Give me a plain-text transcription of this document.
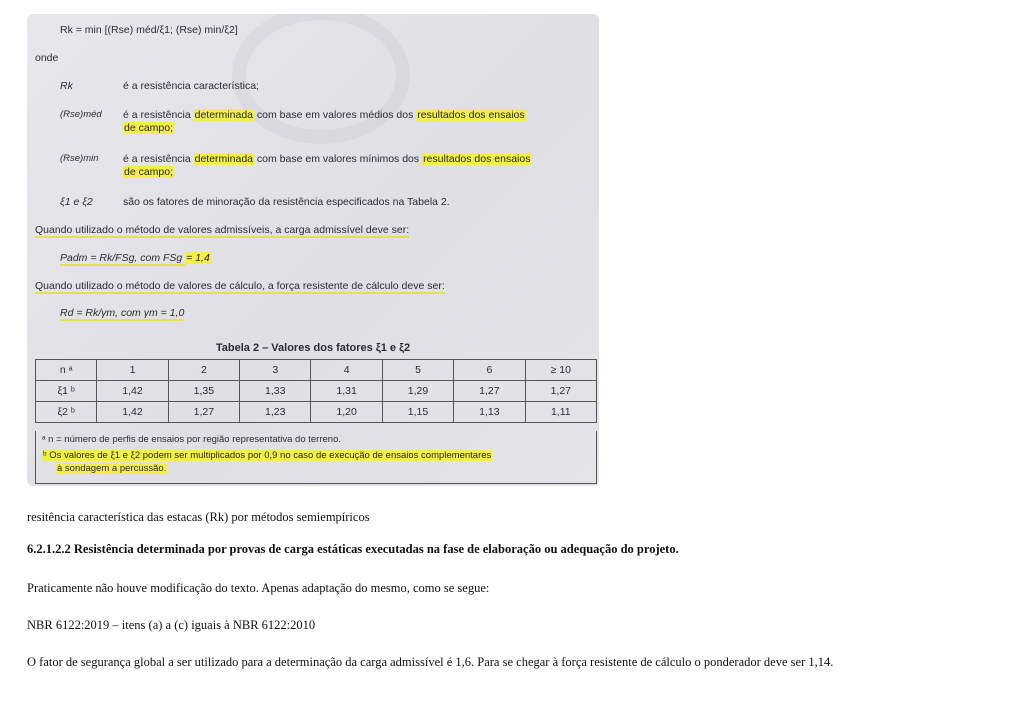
Rk = min [(Rse) méd/ξ1; (Rse) min/ξ2]
onde
Rk	é a resistência característica;
(Rse)méd é a resistência determinada com base em valores médios dos resultados dos ensaios
de campo;
(Rse)min é a resistência determinada com base em valores mínimos dos resultados dos ensaios
de campo;
ξ1 e ξ2	são os fatores de minoração da resistência especificados na Tabela 2.
Quando utilizado o método de valores admissíveis, a carga admissível deve ser:
Padm = Rk/FSg, com FSg = 1,4
Quando utilizado o método de valores de cálculo, a força resistente de cálculo deve ser:
Rd = Rk/γm, com γm = 1,0
Tabela 2 – Valores dos fatores ξ1 e ξ2
n ᵃ	1	2	3	4	5	6	≥ 10
ξ1 ᵇ	1,42	1,35	1,33	1,31	1,29	1,27	1,27
ξ2 ᵇ	1,42	1,27	1,23	1,20	1,15	1,13	1,11
ᵃ n = número de perfis de ensaios por região representativa do terreno.
ᵇ Os valores de ξ1 e ξ2 podem ser multiplicados por 0,9 no caso de execução de ensaios complementares
à sondagem a percussão.
resitência característica das estacas (Rk) por métodos semiempíricos
6.2.1.2.2 Resistência determinada por provas de carga estáticas executadas na fase de elaboração ou adequação do projeto.
Praticamente não houve modificação do texto. Apenas adaptação do mesmo, como se segue:
NBR 6122:2019 – itens (a) a (c) iguais à NBR 6122:2010
O fator de segurança global a ser utilizado para a determinação da carga admissível é 1,6. Para se chegar à força resistente de cálculo o ponderador deve ser 1,14.
